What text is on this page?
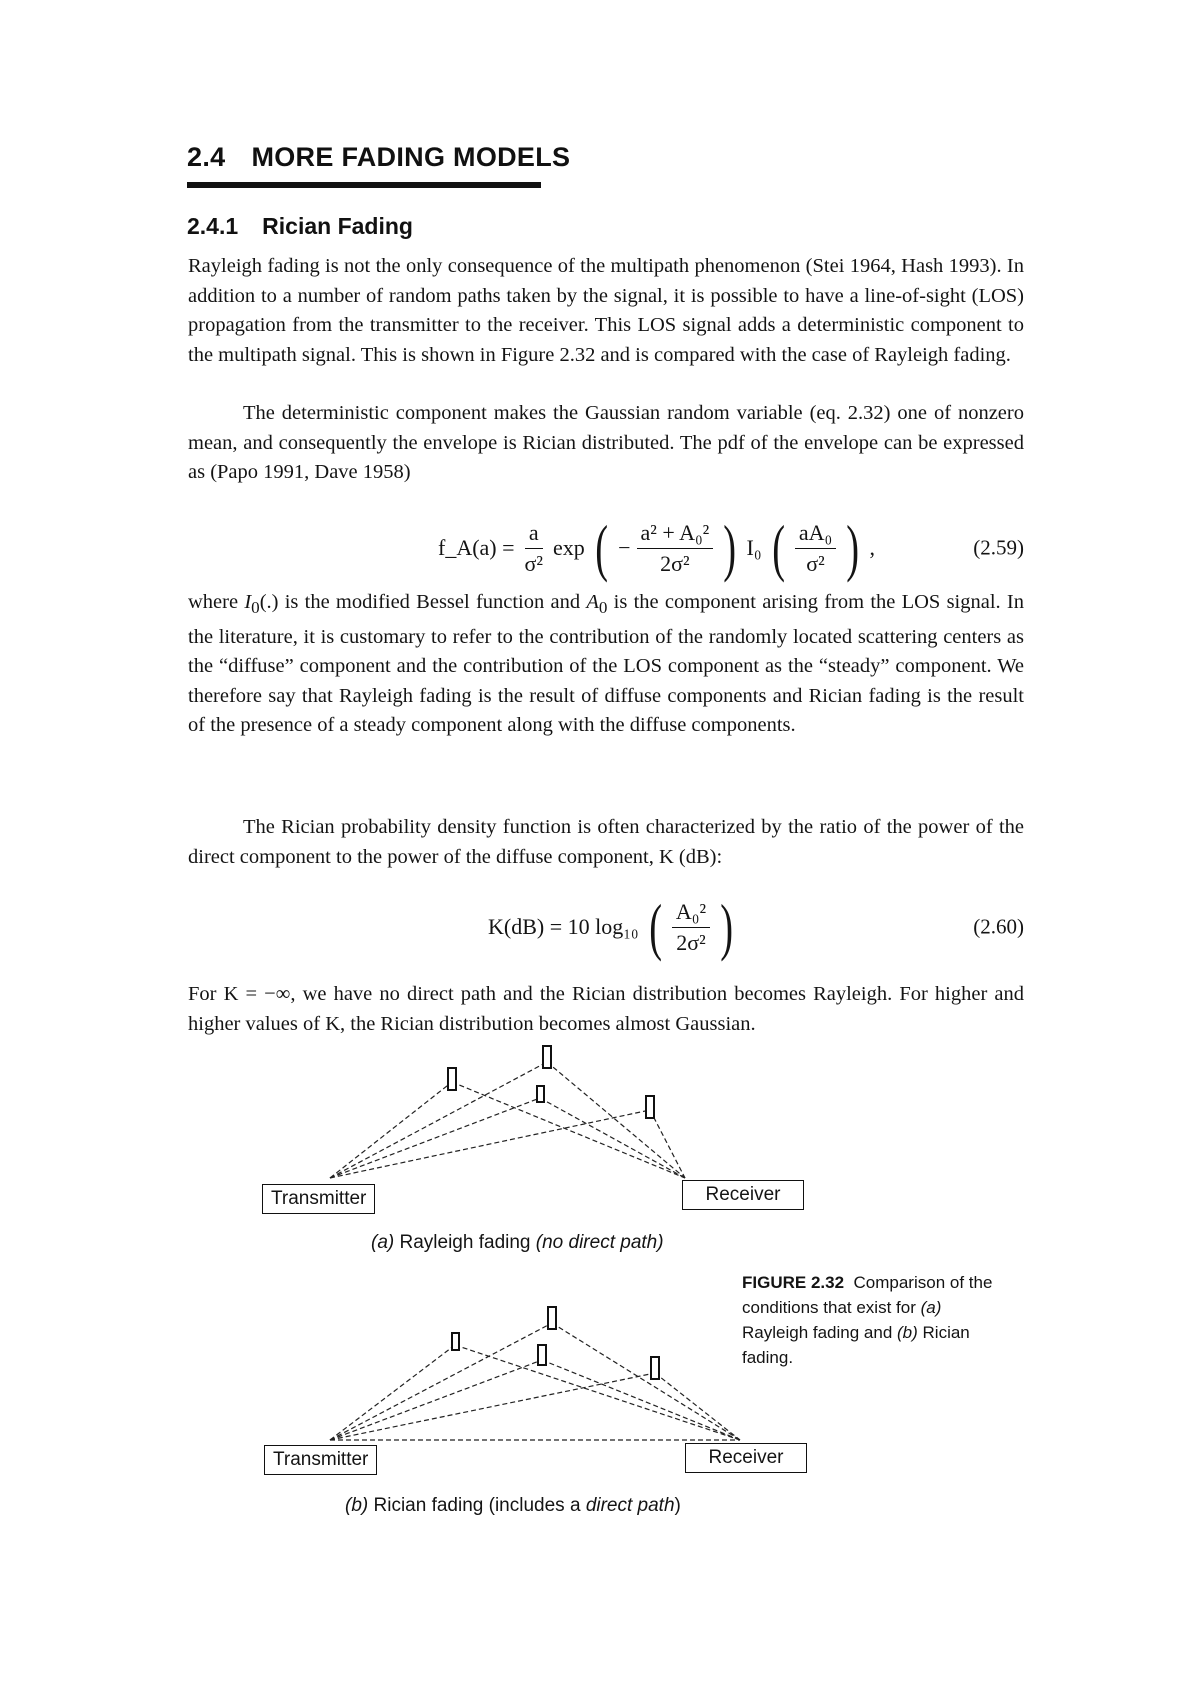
2.4 MORE FADING MODELS
2.4.1 Rician Fading

Rayleigh fading is not the only consequence of the multipath phenomenon (Stei 1964, Hash 1993). In addition to a number of random paths taken by the signal, it is possible to have a line-of-sight (LOS) propagation from the transmitter to the receiver. This LOS signal adds a deterministic component to the multipath signal. This is shown in Figure 2.32 and is compared with the case of Rayleigh fading.

The deterministic component makes the Gaussian random variable (eq. 2.32) one of nonzero mean, and consequently the envelope is Rician distributed. The pdf of the envelope can be expressed as (Papo 1991, Dave 1958)

f_A(a) = $\frac{a}{\text{σ²}}$ exp ( − $\frac{\text{a² + A₀²}}{\text{2σ²}}$ ) I₀ ( $\frac{\text{aA₀}}{\text{σ²}}$ ) ,	(2.59)

where $I_0(.)$ is the modified Bessel function and $A_0$ is the component arising from the LOS signal. In the literature, it is customary to refer to the contribution of the randomly located scattering centers as the “diffuse” component and the contribution of the LOS component as the “steady” component. We therefore say that Rayleigh fading is the result of diffuse components and Rician fading is the result of the presence of a steady component along with the diffuse components.

The Rician probability density function is often characterized by the ratio of the power of the direct component to the power of the diffuse component, K (dB):

K(dB) = 10 log₁₀ ( $\frac{\text{A₀²}}{\text{2σ²}}$ )	(2.60)

For K = −∞, we have no direct path and the Rician distribution becomes Rayleigh. For higher and higher values of K, the Rician distribution becomes almost Gaussian.

Transmitter	Receiver
(a) Rayleigh fading (no direct path)
Transmitter	Receiver
(b) Rician fading (includes a direct path)

FIGURE 2.32 Comparison of the conditions that exist for (a) Rayleigh fading and (b) Rician fading.
